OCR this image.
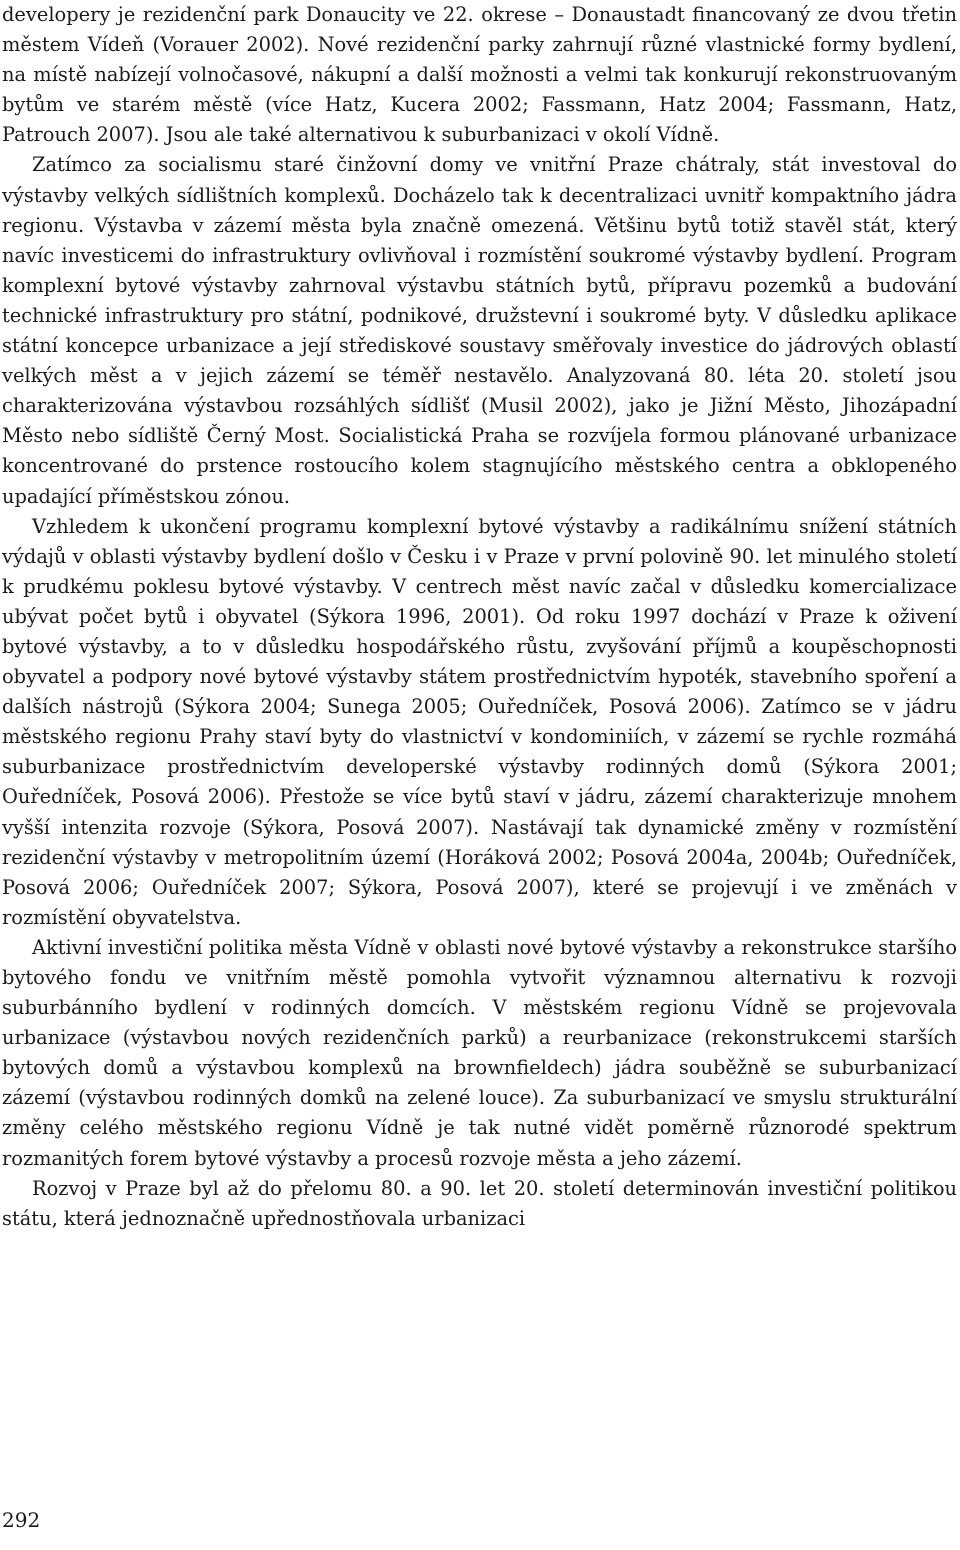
developery je rezidenční park Donaucity ve 22. okrese – Donaustadt financovaný ze dvou třetin městem Vídeň (Vorauer 2002). Nové rezidenční parky zahrnují různé vlastnické formy bydlení, na místě nabízejí volnočasové, nákupní a další možnosti a velmi tak konkurují rekonstruovaným bytům ve starém městě (více Hatz, Kucera 2002; Fassmann, Hatz 2004; Fassmann, Hatz, Patrouch 2007). Jsou ale také alternativou k suburbanizaci v okolí Vídně.

Zatímco za socialismu staré činžovní domy ve vnitřní Praze chátraly, stát investoval do výstavby velkých sídlištních komplexů. Docházelo tak k decentralizaci uvnitř kompaktního jádra regionu. Výstavba v zázemí města byla značně omezená. Většinu bytů totiž stavěl stát, který navíc investicemi do infrastruktury ovlivňoval i rozmístění soukromé výstavby bydlení. Program komplexní bytové výstavby zahrnoval výstavbu státních bytů, přípravu pozemků a budování technické infrastruktury pro státní, podnikové, družstevní i soukromé byty. V důsledku aplikace státní koncepce urbanizace a její střediskové soustavy směřovaly investice do jádrových oblastí velkých měst a v jejich zázemí se téměř nestavělo. Analyzovaná 80. léta 20. století jsou charakterizována výstavbou rozsáhlých sídlišť (Musil 2002), jako je Jižní Město, Jihozápadní Město nebo sídliště Černý Most. Socialistická Praha se rozvíjela formou plánované urbanizace koncentrované do prstence rostoucího kolem stagnujícího městského centra a obklopeného upadající příměstskou zónou.

Vzhledem k ukončení programu komplexní bytové výstavby a radikálnímu snížení státních výdajů v oblasti výstavby bydlení došlo v Česku i v Praze v první polovině 90. let minulého století k prudkému poklesu bytové výstavby. V centrech měst navíc začal v důsledku komercializace ubývat počet bytů i obyvatel (Sýkora 1996, 2001). Od roku 1997 dochází v Praze k oživení bytové výstavby, a to v důsledku hospodářského růstu, zvyšování příjmů a koupěschopnosti obyvatel a podpory nové bytové výstavby státem prostřednictvím hypoték, stavebního spoření a dalších nástrojů (Sýkora 2004; Sunega 2005; Ouředníček, Posová 2006). Zatímco se v jádru městského regionu Prahy staví byty do vlastnictví v kondominiích, v zázemí se rychle rozmáhá suburbanizace prostřednictvím developerské výstavby rodinných domů (Sýkora 2001; Ouředníček, Posová 2006). Přestože se více bytů staví v jádru, zázemí charakterizuje mnohem vyšší intenzita rozvoje (Sýkora, Posová 2007). Nastávají tak dynamické změny v rozmístění rezidenční výstavby v metropolitním území (Horáková 2002; Posová 2004a, 2004b; Ouředníček, Posová 2006; Ouředníček 2007; Sýkora, Posová 2007), které se projevují i ve změnách v rozmístění obyvatelstva.

Aktivní investiční politika města Vídně v oblasti nové bytové výstavby a rekonstrukce staršího bytového fondu ve vnitřním městě pomohla vytvořit významnou alternativu k rozvoji suburbánního bydlení v rodinných domcích. V městském regionu Vídně se projevovala urbanizace (výstavbou nových rezidenčních parků) a reurbanizace (rekonstrukcemi starších bytových domů a výstavbou komplexů na brownfieldech) jádra souběžně se suburbanizací zázemí (výstavbou rodinných domků na zelené louce). Za suburbanizací ve smyslu strukturální změny celého městského regionu Vídně je tak nutné vidět poměrně různorodé spektrum rozmanitých forem bytové výstavby a procesů rozvoje města a jeho zázemí.

Rozvoj v Praze byl až do přelomu 80. a 90. let 20. století determinován investiční politikou státu, která jednoznačně upřednostňovala urbanizaci

292
